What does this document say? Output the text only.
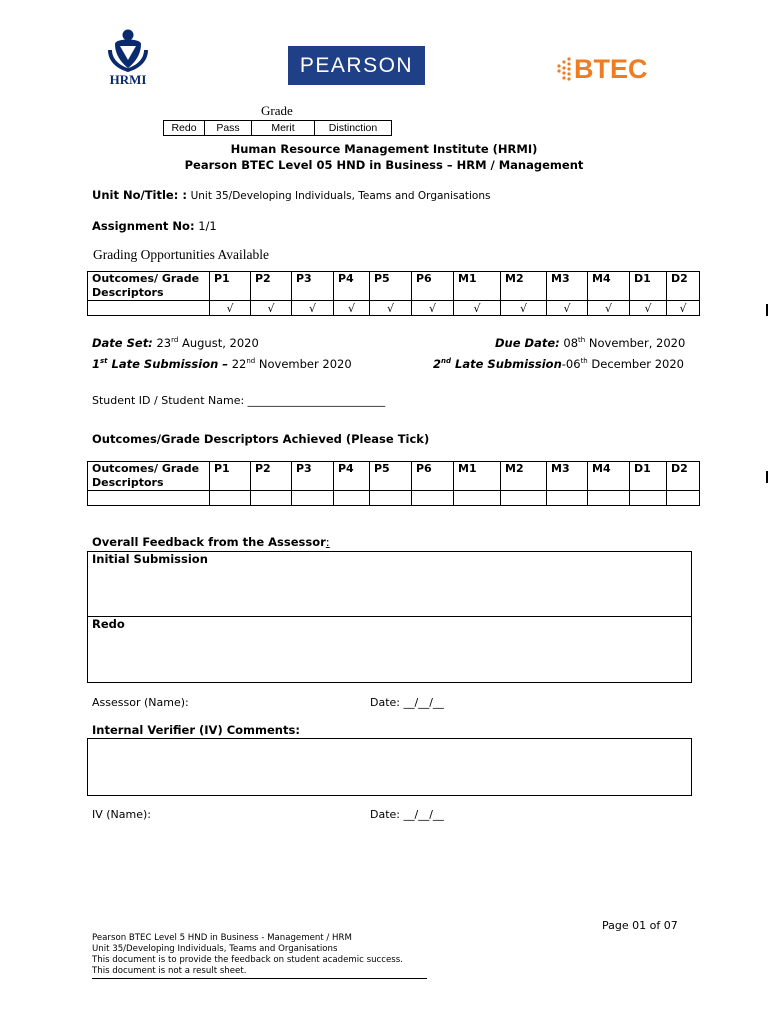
HRMI
PEARSON	BTEC
Grade
Redo	Pass	Merit	Distinction
Human Resource Management Institute (HRMI)
Pearson BTEC Level 05 HND in Business – HRM / Management
Unit No/Title: : Unit 35/Developing Individuals, Teams and Organisations
Assignment No: 1/1
Grading Opportunities Available
Outcomes/ Grade Descriptors	P1	P2	P3	P4	P5	P6	M1	M2	M3	M4	D1	D2
	√	√	√	√	√	√	√	√	√	√	√	√
Date Set: 23rd August, 2020	Due Date: 08th November, 2020
1st Late Submission – 22nd November 2020	2nd Late Submission-06th December 2020
Student ID / Student Name: _________________________
Outcomes/Grade Descriptors Achieved (Please Tick)
Outcomes/ Grade Descriptors	P1	P2	P3	P4	P5	P6	M1	M2	M3	M4	D1	D2

Overall Feedback from the Assessor:
Initial Submission
Redo
Assessor (Name):	Date: __/__/__
Internal Verifier (IV) Comments:
IV (Name):	Date: __/__/__
Page 01 of 07
Pearson BTEC Level 5 HND in Business - Management / HRM
Unit 35/Developing Individuals, Teams and Organisations
This document is to provide the feedback on student academic success.
This document is not a result sheet.
